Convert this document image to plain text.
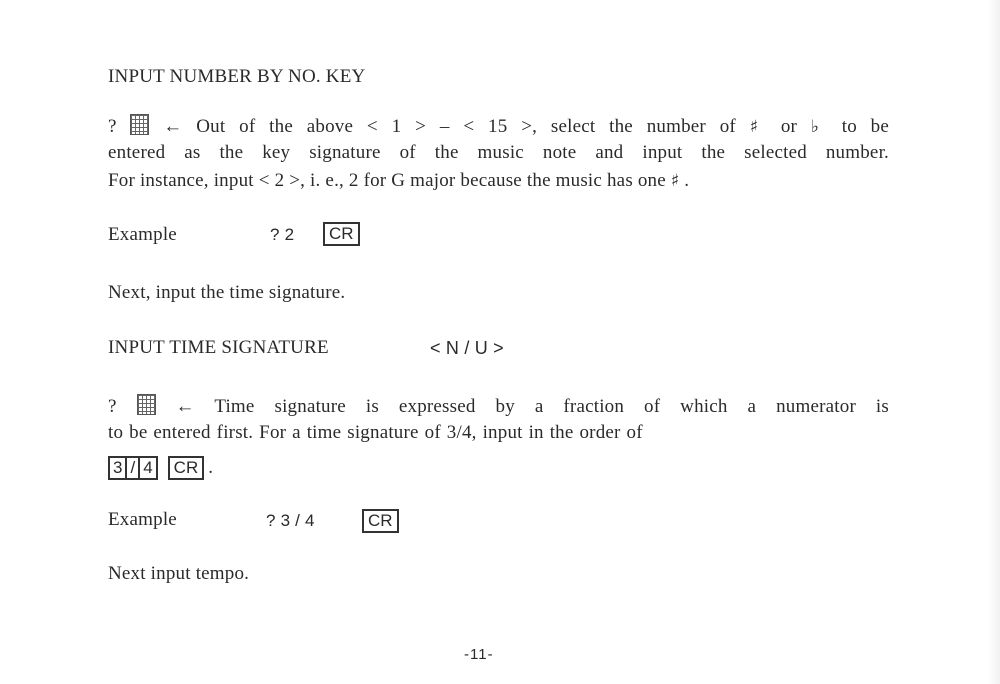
INPUT NUMBER BY NO. KEY
? ← Out of the above < 1 > – < 15 >, select the number of ♯ or ♭ to be
entered as the key signature of the music note and input the selected number.
For instance, input < 2 >, i. e., 2 for G major because the music has one ♯ .
Example	? 2	CR
Next, input the time signature.
INPUT TIME SIGNATURE	< N / U >
?	← Time signature is expressed by a fraction of which a numerator is
to be entered first. For a time signature of 3/4, input in the order of
3 / 4 CR .
Example	? 3 / 4	CR
Next input tempo.
-11-
